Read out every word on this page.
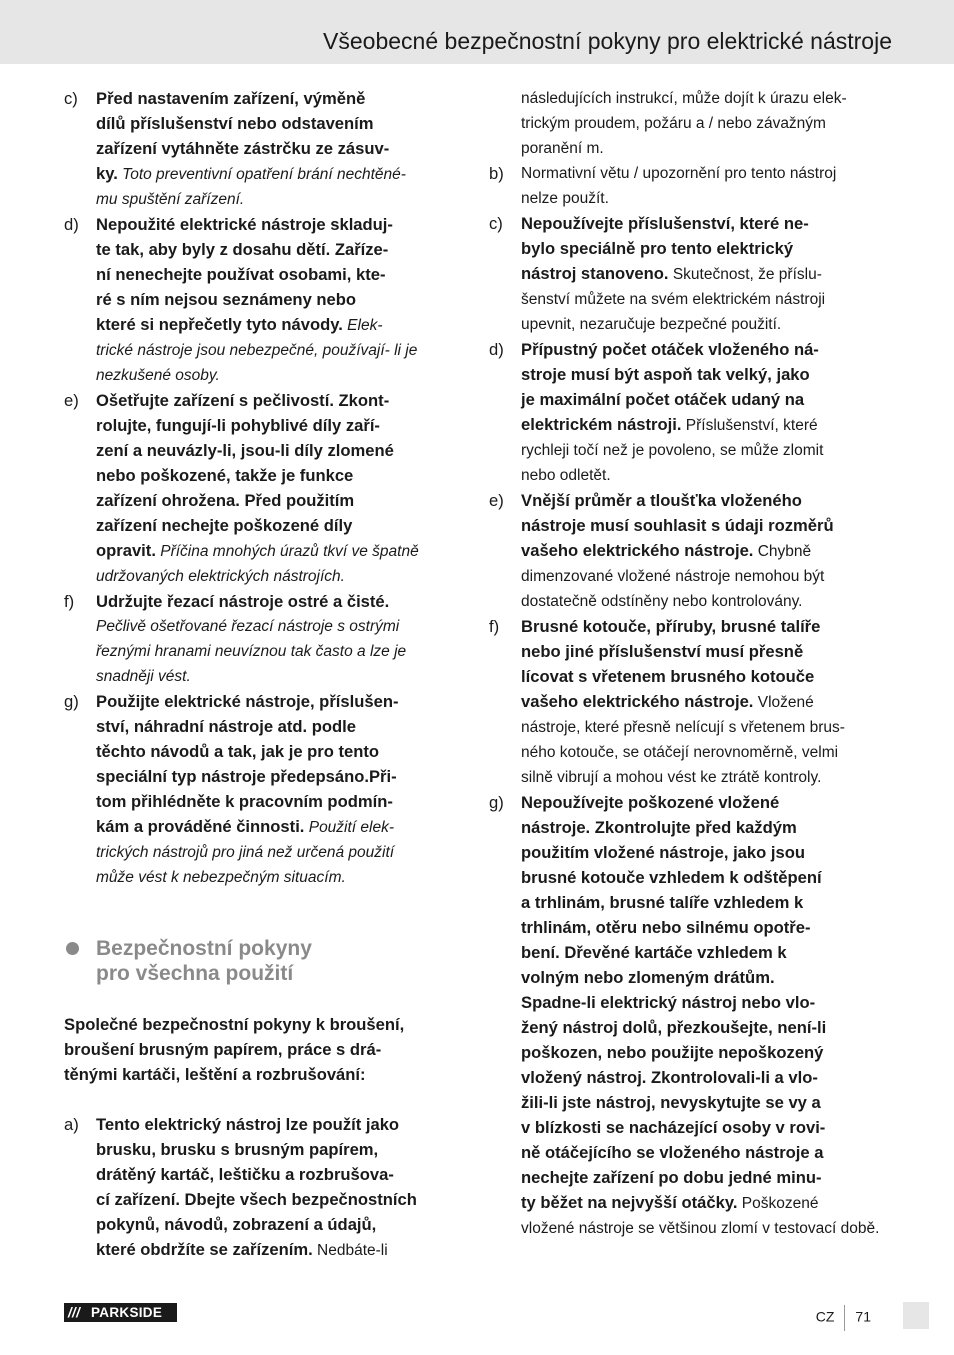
Všeobecné bezpečnostní pokyny pro elektrické nástroje
c) Před nastavením zařízení, výměně
dílů příslušenství nebo odstavením
zařízení vytáhněte zástrčku ze zásuv-
ky. Toto preventivní opatření brání nechtěné-
mu spuštění zařízení.
d) Nepoužité elektrické nástroje skladuj-
te tak, aby byly z dosahu dětí. Zaříze-
ní nenechejte používat osobami, kte-
ré s ním nejsou seznámeny nebo
které si nepřečetly tyto návody. Elek-
trické nástroje jsou nebezpečné, používají- li je
nezkušené osoby.
e) Ošetřujte zařízení s pečlivostí. Zkont-
rolujte, fungují-li pohyblivé díly zaří-
zení a neuvázly-li, jsou-li díly zlomené
nebo poškozené, takže je funkce
zařízení ohrožena. Před použitím
zařízení nechejte poškozené díly
opravit. Příčina mnohých úrazů tkví ve špatně
udržovaných elektrických nástrojích.
f) Udržujte řezací nástroje ostré a čisté.
Pečlivě ošetřované řezací nástroje s ostrými
řeznými hranami neuvíznou tak často a lze je
snadněji vést.
g) Použijte elektrické nástroje, příslušen-
ství, náhradní nástroje atd. podle
těchto návodů a tak, jak je pro tento
speciální typ nástroje předepsáno.Při-
tom přihlédněte k pracovním podmín-
kám a prováděné činnosti. Použití elek-
trických nástrojů pro jiná než určená použití
může vést k nebezpečným situacím.
Bezpečnostní pokyny
pro všechna použití
Společné bezpečnostní pokyny k broušení,
broušení brusným papírem, práce s drá-
těnými kartáči, leštění a rozbrušování:
a) Tento elektrický nástroj lze použít jako
brusku, brusku s brusným papírem,
drátěný kartáč, leštičku a rozbrušova-
cí zařízení. Dbejte všech bezpečnostních
pokynů, návodů, zobrazení a údajů,
které obdržíte se zařízením. Nedbáte-li
následujících instrukcí, může dojít k úrazu elek-
trickým proudem, požáru a / nebo závažným
poranění m.
b) Normativní větu / upozornění pro tento nástroj
nelze použít.
c) Nepoužívejte příslušenství, které ne-
bylo speciálně pro tento elektrický
nástroj stanoveno. Skutečnost, že příslu-
šenství můžete na svém elektrickém nástroji
upevnit, nezaručuje bezpečné použití.
d) Přípustný počet otáček vloženého ná-
stroje musí být aspoň tak velký, jako
je maximální počet otáček udaný na
elektrickém nástroji. Příslušenství, které
rychleji točí než je povoleno, se může zlomit
nebo odletět.
e) Vnější průměr a tloušťka vloženého
nástroje musí souhlasit s údaji rozměrů
vašeho elektrického nástroje. Chybně
dimenzované vložené nástroje nemohou být
dostatečně odstíněny nebo kontrolovány.
f) Brusné kotouče, příruby, brusné talíře
nebo jiné příslušenství musí přesně
lícovat s vřetenem brusného kotouče
vašeho elektrického nástroje. Vložené
nástroje, které přesně nelícují s vřetenem brus-
ného kotouče, se otáčejí nerovnoměrně, velmi
silně vibrují a mohou vést ke ztrátě kontroly.
g) Nepoužívejte poškozené vložené
nástroje. Zkontrolujte před každým
použitím vložené nástroje, jako jsou
brusné kotouče vzhledem k odštěpení
a trhlinám, brusné talíře vzhledem k
trhlinám, otěru nebo silnému opotře-
bení. Dřevěné kartáče vzhledem k
volným nebo zlomeným drátům.
Spadne-li elektrický nástroj nebo vlo-
žený nástroj dolů, přezkoušejte, není-li
poškozen, nebo použijte nepoškozený
vložený nástroj. Zkontrolovali-li a vlo-
žili-li jste nástroj, nevyskytujte se vy a
v blízkosti se nacházející osoby v rovi-
ně otáčejícího se vloženého nástroje a
nechejte zařízení po dobu jedné minu-
ty běžet na nejvyšší otáčky. Poškozené
vložené nástroje se většinou zlomí v testovací době.
/// PARKSIDE	CZ 71
